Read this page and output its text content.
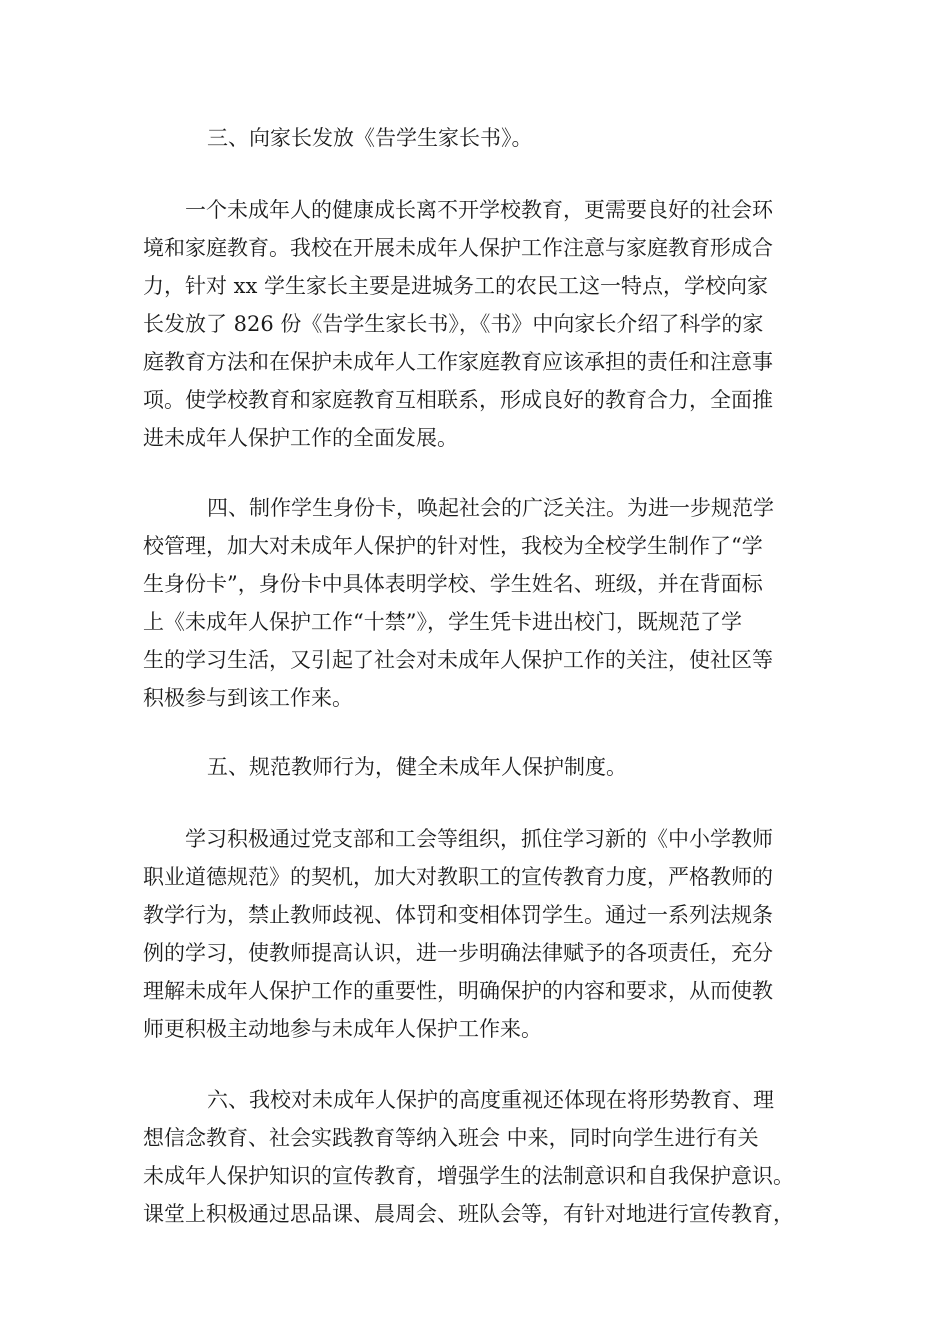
三、向家长发放《告学生家长书》。
一个未成年人的健康成长离不开学校教育，更需要良好的社会环
境和家庭教育。我校在开展未成年人保护工作注意与家庭教育形成合
力，针对 xx 学生家长主要是进城务工的农民工这一特点，学校向家
长发放了 826 份《告学生家长书》，《书》中向家长介绍了科学的家
庭教育方法和在保护未成年人工作家庭教育应该承担的责任和注意事
项。使学校教育和家庭教育互相联系，形成良好的教育合力，全面推
进未成年人保护工作的全面发展。
四、制作学生身份卡，唤起社会的广泛关注。为进一步规范学
校管理，加大对未成年人保护的针对性，我校为全校学生制作了“学
生身份卡”，身份卡中具体表明学校、学生姓名、班级，并在背面标
上《未成年人保护工作“十禁”》，学生凭卡进出校门，既规范了学
生的学习生活，又引起了社会对未成年人保护工作的关注，使社区等
积极参与到该工作来。
五、规范教师行为，健全未成年人保护制度。
学习积极通过党支部和工会等组织，抓住学习新的《中小学教师
职业道德规范》的契机，加大对教职工的宣传教育力度，严格教师的
教学行为，禁止教师歧视、体罚和变相体罚学生。通过一系列法规条
例的学习，使教师提高认识，进一步明确法律赋予的各项责任，充分
理解未成年人保护工作的重要性，明确保护的内容和要求，从而使教
师更积极主动地参与未成年人保护工作来。
六、我校对未成年人保护的高度重视还体现在将形势教育、理
想信念教育、社会实践教育等纳入班会 中来，同时向学生进行有关
未成年人保护知识的宣传教育，增强学生的法制意识和自我保护意识。
课堂上积极通过思品课、晨周会、班队会等，有针对地进行宣传教育，
